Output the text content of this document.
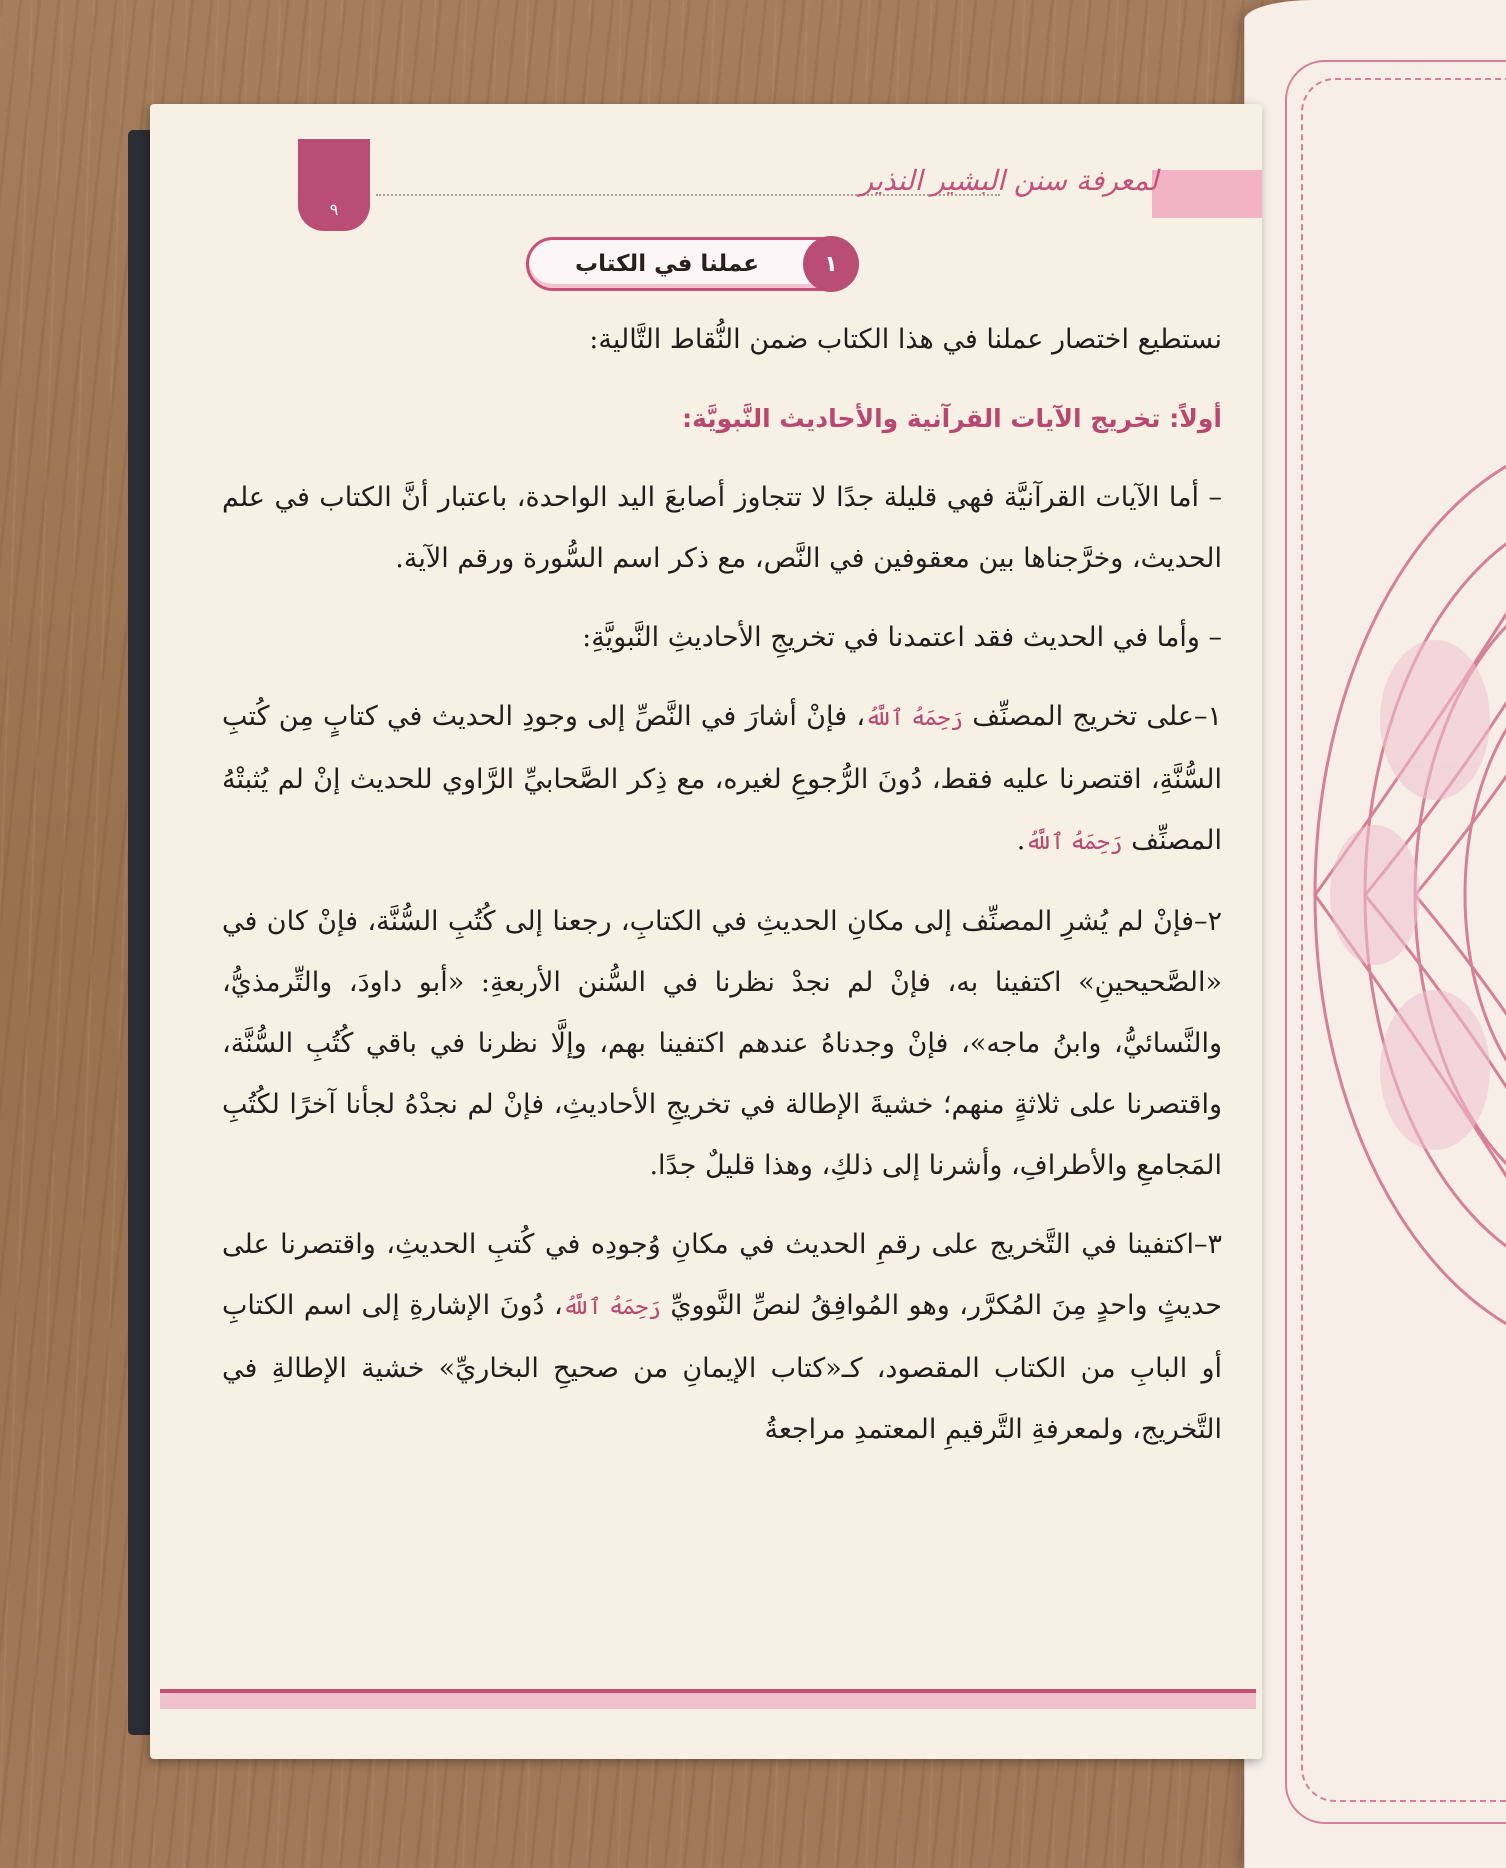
٩
لمعرفة سنن البشير النذير
١
عملنا في الكتاب

نستطيع اختصار عملنا في هذا الكتاب ضمن النُّقاط التَّالية:

أولاً: تخريج الآيات القرآنية والأحاديث النَّبويَّة:

– أما الآيات القرآنيَّة فهي قليلة جدًا لا تتجاوز أصابعَ اليد الواحدة، باعتبار أنَّ الكتاب في علم الحديث، وخرَّجناها بين معقوفين في النَّص، مع ذكر اسم السُّورة ورقم الآية.

– وأما في الحديث فقد اعتمدنا في تخريجِ الأحاديثِ النَّبويَّةِ:

١–على تخريج المصنِّف رَحِمَهُ ٱللَّهُ، فإنْ أشارَ في النَّصِّ إلى وجودِ الحديث في كتابٍ مِن كُتبِ السُّنَّةِ، اقتصرنا عليه فقط، دُونَ الرُّجوعِ لغيره، مع ذِكر الصَّحابيِّ الرَّاوي للحديث إنْ لم يُثبتْهُ المصنِّف رَحِمَهُ ٱللَّهُ.

٢–فإنْ لم يُشرِ المصنِّف إلى مكانِ الحديثِ في الكتابِ، رجعنا إلى كُتُبِ السُّنَّة، فإنْ كان في «الصَّحيحينِ» اكتفينا به، فإنْ لم نجدْ نظرنا في السُّنن الأربعةِ: «أبو داودَ، والتِّرمذيُّ، والنَّسائيُّ، وابنُ ماجه»، فإنْ وجدناهُ عندهم اكتفينا بهم، وإلَّا نظرنا في باقي كُتُبِ السُّنَّة، واقتصرنا على ثلاثةٍ منهم؛ خشيةَ الإطالة في تخريجِ الأحاديثِ، فإنْ لم نجدْهُ لجأنا آخرًا لكُتُبِ المَجامعِ والأطرافِ، وأشرنا إلى ذلكِ، وهذا قليلٌ جدًا.

٣–اكتفينا في التَّخريج على رقمِ الحديث في مكانِ وُجودِه في كُتبِ الحديثِ، واقتصرنا على حديثٍ واحدٍ مِنَ المُكرَّر، وهو المُوافِقُ لنصِّ النَّوويِّ رَحِمَهُ ٱللَّهُ، دُونَ الإشارةِ إلى اسم الكتابِ أو البابِ من الكتاب المقصود، كـ«كتاب الإيمانِ من صحيحِ البخاريِّ» خشية الإطالةِ في التَّخريج، ولمعرفةِ التَّرقيمِ المعتمدِ مراجعةُ
